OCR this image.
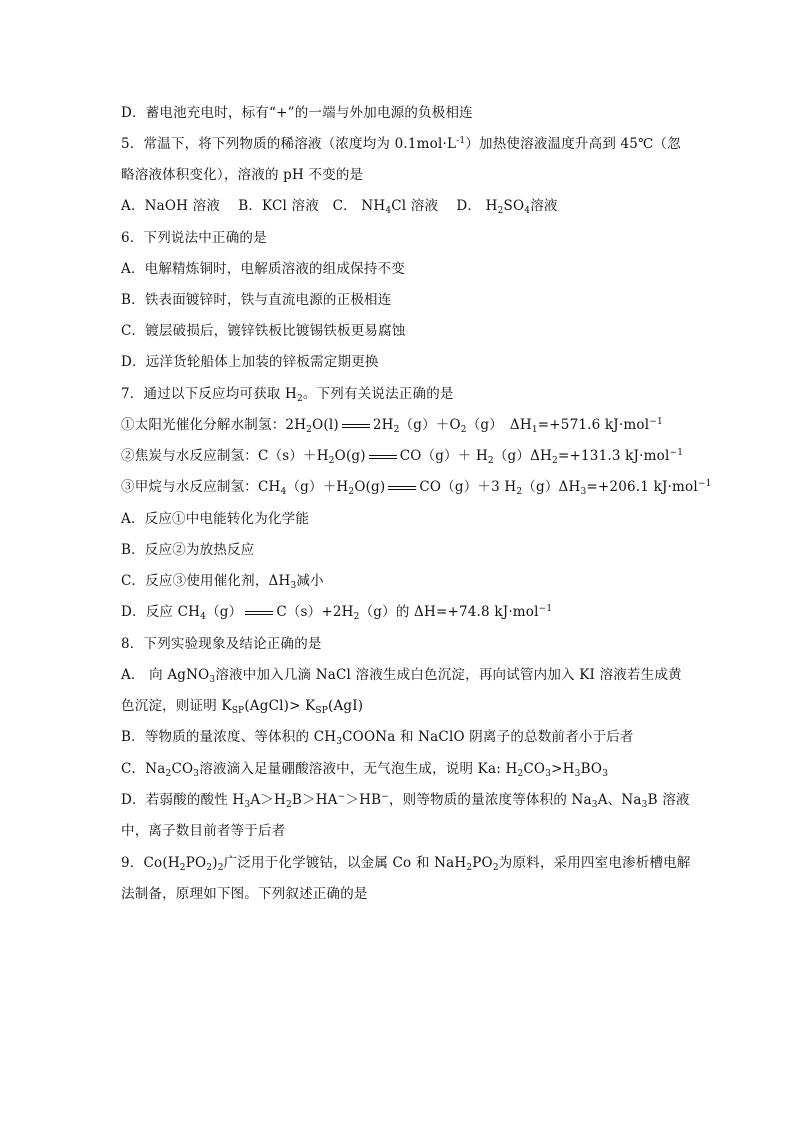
D．蓄电池充电时，标有“+”的一端与外加电源的负极相连
5．常温下，将下列物质的稀溶液（浓度均为 $0.1mol\cdot L^{-1}$）加热使溶液温度升高到 45℃（忽
略溶液体积变化），溶液的 pH 不变的是
A．NaOH 溶液　 B．KCl 溶液　C． $NH_4Cl$ 溶液　 D． $H_2SO_4$溶液
6．下列说法中正确的是
A．电解精炼铜时，电解质溶液的组成保持不变
B．铁表面镀锌时，铁与直流电源的正极相连
C．镀层破损后，镀锌铁板比镀锡铁板更易腐蚀
D．远洋货轮船体上加装的锌板需定期更换
7．通过以下反应均可获取 $H_2$。下列有关说法正确的是
①太阳光催化分解水制氢：$2H_2O(l)$	$2H_2(g)+O_2(g)$　$\Delta H_1=+571.6$ kJ·mol$^{-1}$
②焦炭与水反应制氢：$C(s)+H_2O(g)$	$CO(g)+ H_2(g)\Delta H_2=+131.3$ kJ·mol$^{-1}$
③甲烷与水反应制氢：$CH_4(g)+H_2O(g)$	CO（g）＋3 $H_2(g)\Delta H_3=+206.1$ kJ·mol$^{-1}$
A．反应①中电能转化为化学能
B．反应②为放热反应
C．反应③使用催化剂，$\Delta H_3$减小
D．反应 $CH_4(g)$	$C(s)+2H_2(g)$的 ΔH=+74.8 kJ·mol$^{-1}$
8．下列实验现象及结论正确的是
A． 向 AgNO$_3$溶液中加入几滴 NaCl 溶液生成白色沉淀，再向试管内加入 KI 溶液若生成黄
色沉淀，则证明 $K_{SP}(AgCl)> K_{SP}(AgI)$
B．等物质的量浓度、等体积的 $CH_3COONa$ 和 NaClO 阴离子的总数前者小于后者
C．$Na_2CO_3$溶液滴入足量硼酸溶液中，无气泡生成，说明 Ka: $H_2CO_3>H_3BO_3$
D．若弱酸的酸性 $H_3A>H_2B>HA^->HB^-$，则等物质的量浓度等体积的 $Na_3A$、$Na_3B$ 溶液
中，离子数目前者等于后者
9．$Co(H_2PO_2)_2$广泛用于化学镀钴，以金属 Co 和 $NaH_2PO_2$为原料，采用四室电渗析槽电解
法制备，原理如下图。下列叙述正确的是
